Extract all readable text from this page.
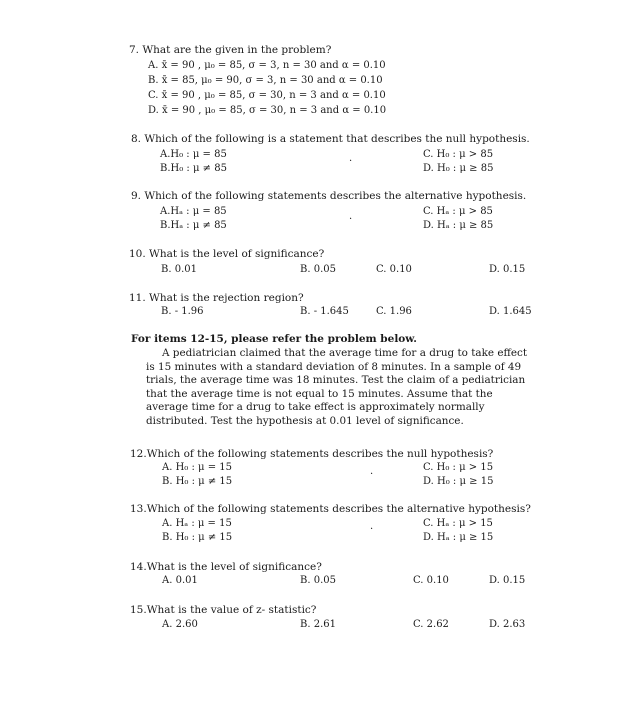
7. What are the given in the problem?
A. x̄ = 90 , μ₀ = 85, σ = 3, n = 30 and α = 0.10
B. x̄ = 85, μ₀ = 90, σ = 3, n = 30 and α = 0.10
C. x̄ = 90 , μ₀ = 85, σ = 30, n = 3 and α = 0.10
D. x̄ = 90 , μ₀ = 85, σ = 30, n = 3 and α = 0.10
8. Which of the following is a statement that describes the null hypothesis.
A.H₀ : μ = 85
B.H₀ : μ ≠ 85
C. H₀ : μ > 85
D. H₀ : μ ≥ 85
.
9. Which of the following statements describes the alternative hypothesis.
A.Hₐ : μ = 85
B.Hₐ : μ ≠ 85
C. Hₐ : μ > 85
D. Hₐ : μ ≥ 85
.
10. What is the level of significance?
B. 0.01	B. 0.05	C. 0.10	D. 0.15
11. What is the rejection region?
B. - 1.96	B. - 1.645	C. 1.96	D. 1.645
For items 12-15, please refer the problem below.
A pediatrician claimed that the average time for a drug to take effect
is 15 minutes with a standard deviation of 8 minutes. In a sample of 49
trials, the average time was 18 minutes. Test the claim of a pediatrician
that the average time is not equal to 15 minutes. Assume that the
average time for a drug to take effect is approximately normally
distributed. Test the hypothesis at 0.01 level of significance.
12.Which of the following statements describes the null hypothesis?
A. H₀ : μ = 15
B. H₀ : μ ≠ 15
C. H₀ : μ > 15
D. H₀ : μ ≥ 15
.
13.Which of the following statements describes the alternative hypothesis?
A. Hₐ : μ = 15
B. H₀ : μ ≠ 15
C. Hₐ : μ > 15
D. Hₐ : μ ≥ 15
.
14.What is the level of significance?
A. 0.01	B. 0.05	C. 0.10	D. 0.15
15.What is the value of z- statistic?
A. 2.60	B. 2.61	C. 2.62	D. 2.63
